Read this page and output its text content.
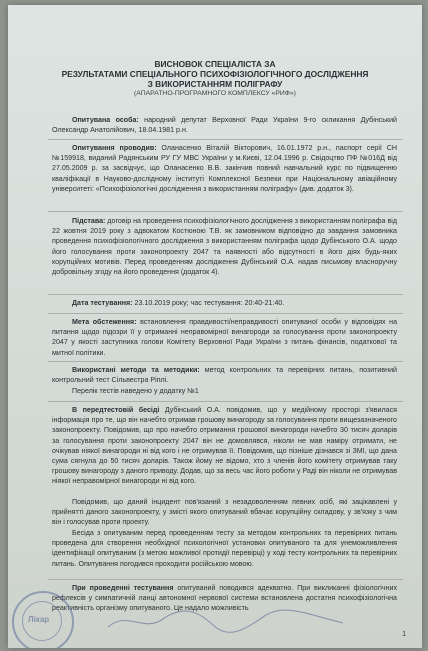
ВИСНОВОК СПЕЦІАЛІСТА ЗА
РЕЗУЛЬТАТАМИ СПЕЦІАЛЬНОГО ПСИХОФІЗІОЛОГІЧНОГО ДОСЛІДЖЕННЯ
З ВИКОРИСТАННЯМ ПОЛІГРАФУ
(АПАРАТНО-ПРОГРАМНОГО КОМПЛЕКСУ «РИФ»)

Опитувана особа: народний депутат Верховної Ради України 9-го скликання Дубінський Олександр Анатолійович, 18.04.1981 р.н.

Опитування проводив: Оланасенко Віталій Вікторович, 16.01.1972 р.н., паспорт серії СН №159918, виданий Радянським РУ ГУ МВС України у м.Києві, 12.04.1996 р. Свідоцтво ПФ №016Д від 27.05.2009 р. за засвідчує, що Оланасенко В.В. закінчив повний навчальний курс по підвищенню кваліфікації в Науково-дослідному інституті Комплексної Безпеки при Національному авіаційному університеті: «Психофізіологічні дослідження з використанням поліграфу» (див. додаток 3).

Підстава: договір на проведення психофізіологічного дослідження з використанням поліграфа від 22 жовтня 2019 року з адвокатом Костюною Т.В. як замовником відповідно до завдання замовника проведення психофізіологічного дослідження з використанням поліграфа щодо Дубінського О.А. щодо його голосування проти законопроекту 2047 та наявності або відсутності в його діях будь-яких корупційних мотивів. Перед проведенням дослідження Дубінський О.А. надав письмову власноручну добровільну згоду на його проведення (додаток 4).

Дата тестування: 23.10.2019 року; час тестування: 20:40-21:40.

Мета обстеження: встановлення правдивості/неправдивості опитуваної особи у відповідях на питання щодо підозри її у отриманні неправомірної винагороди за голосування проти законопроекту 2047 у якості заступника голови Комітету Верховної Ради України з питань фінансів, податкової та митної політики.

Використані методи та методики: метод контрольних та перевірних питань, позитивний контрольний тест Сільвестра Ріплі.

Перелік тестів наведено у додатку №1

В передтестовій бесіді Дубінський О.А. повідомив, що у медійному просторі з'явилася інформація про те, що він начебто отримав грошову винагороду за голосування проти вищезазначеного законопроекту. Повідомив, що про начебто отримання грошової винагороди начебто 30 тисяч доларів за голосування проти законопроекту 2047 він не домовлявся, ніколи не мав наміру отримати, не очікував ніякої винагороди ні від кого і не отримував її. Повідомив, що пізніше дізнався зі ЗМІ, що дана сума сягнула до 50 тисяч доларів. Також йому не відомо, хто з членів його комітету отримував таку грошову винагороду з даного приводу. Додав, що за весь час його роботи у Раді він ніколи не отримував ніякої неправомірної винагороди ні від кого.

Повідомив, що даний інцидент пов'язаний з незадоволенням певних осіб, які зацікавлені у прийнятті даного законопроекту, у змісті якого опитуваний вбачає корупційну складову, у зв'язку з чим він і голосував проти проекту.

Бесіда з опитуваним перед проведенням тесту за методом контрольних та перевірних питань проведена для створення необхідної психологічної установки опитуваного та для унеможливлення ідентифікації опитуваним (з метою можливої протидії перевірці) у ході тесту контрольних та перевірних питань. Опитування погодився проходити російською мовою.

При проведенні тестування опитуваний поводився адекватно. При викликанні фізіологічних рефлексів у симпатичній ланці автономної нервової системи встановлена достатня психофізіологічна реактивність організму опитуваного. Це надало можливість

Лікар
1
